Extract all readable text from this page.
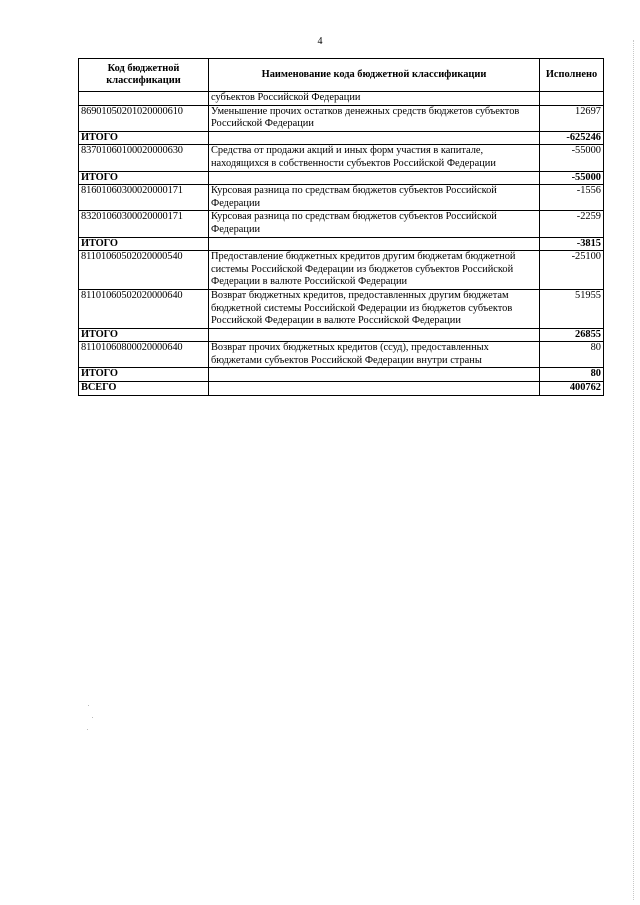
4
Код бюджетной классификации	Наименование кода бюджетной классификации	Исполнено
	субъектов Российской Федерации	
86901050201020000610	Уменьшение прочих остатков денежных средств бюджетов субъектов Российской Федерации	12697
ИТОГО		-625246
83701060100020000630	Средства от продажи акций и иных форм участия в капитале, находящихся в собственности субъектов Российской Федерации	-55000
ИТОГО		-55000
81601060300020000171	Курсовая разница по средствам бюджетов субъектов Российской Федерации	-1556
83201060300020000171	Курсовая разница по средствам бюджетов субъектов Российской Федерации	-2259
ИТОГО		-3815
81101060502020000540	Предоставление бюджетных кредитов другим бюджетам бюджетной системы Российской Федерации из бюджетов субъектов Российской Федерации в валюте Российской Федерации	-25100
81101060502020000640	Возврат бюджетных кредитов, предоставленных другим бюджетам бюджетной системы Российской Федерации из бюджетов субъектов Российской Федерации в валюте Российской Федерации	51955
ИТОГО		26855
81101060800020000640	Возврат прочих бюджетных кредитов (ссуд), предоставленных бюджетами субъектов Российской Федерации внутри страны	80
ИТОГО		80
ВСЕГО		400762
